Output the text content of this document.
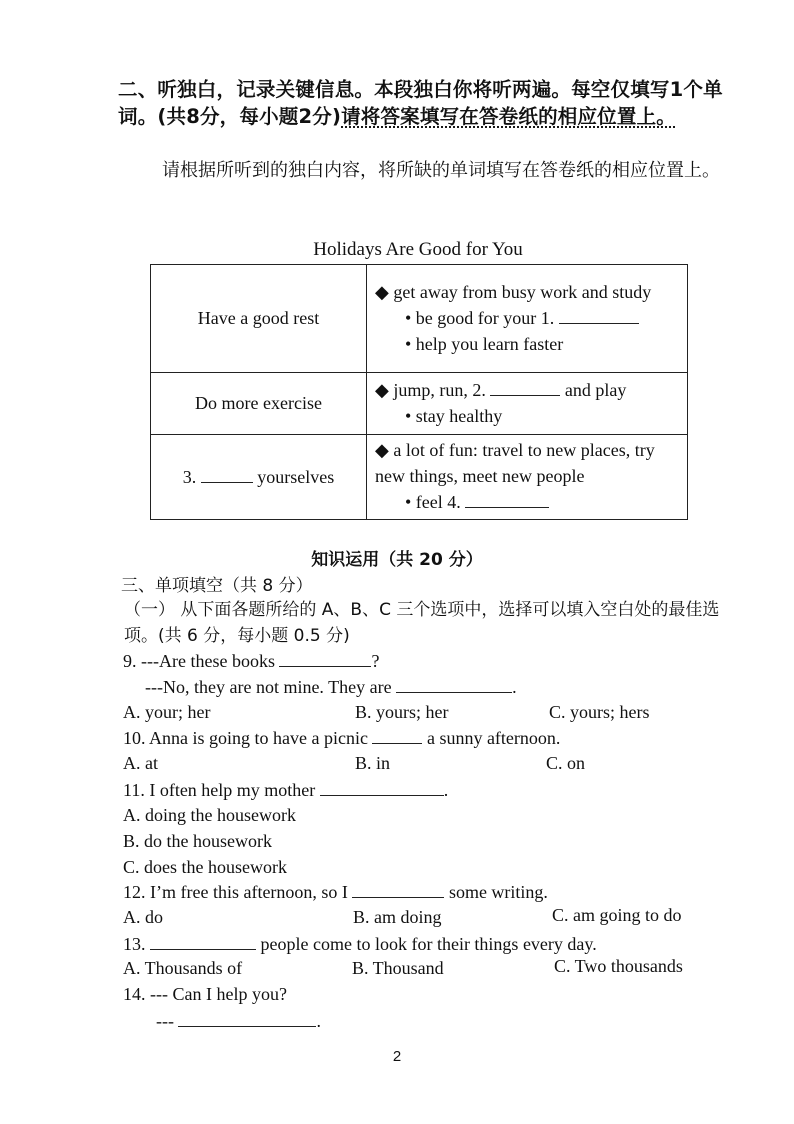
二、听独白，记录关键信息。本段独白你将听两遍。每空仅填写1个单词。(共8分，每小题2分)请将答案填写在答卷纸的相应位置上。
请根据所听到的独白内容，将所缺的单词填写在答卷纸的相应位置上。
Holidays Are Good for You
Have a good rest	◆ get away from busy work and study
• be good for your 1.
• help you learn faster

Do more exercise	◆ jump, run, 2. and play
• stay healthy

3. yourselves	◆ a lot of fun: travel to new places, try new things, meet new people
• feel 4.
知识运用（共 20 分）
三、单项填空（共 8 分）
（一） 从下面各题所给的 A、B、C 三个选项中，选择可以填入空白处的最佳选项。(共 6 分，每小题 0.5 分)
9. ---Are these books	?
---No, they are not mine. They are	.
A. your; her	B. yours; her	C. yours; hers
10. Anna is going to have a picnic	a sunny afternoon.
A. at	B. in	C. on
11. I often help my mother	.
A. doing the housework
B. do the housework
C. does the housework
12. I’m free this afternoon, so I	some writing.
A. do	B. am doing	C. am going to do
13.	people come to look for their things every day.
A. Thousands of	B. Thousand	C. Two thousands
14. --- Can I help you?
---	.
2
